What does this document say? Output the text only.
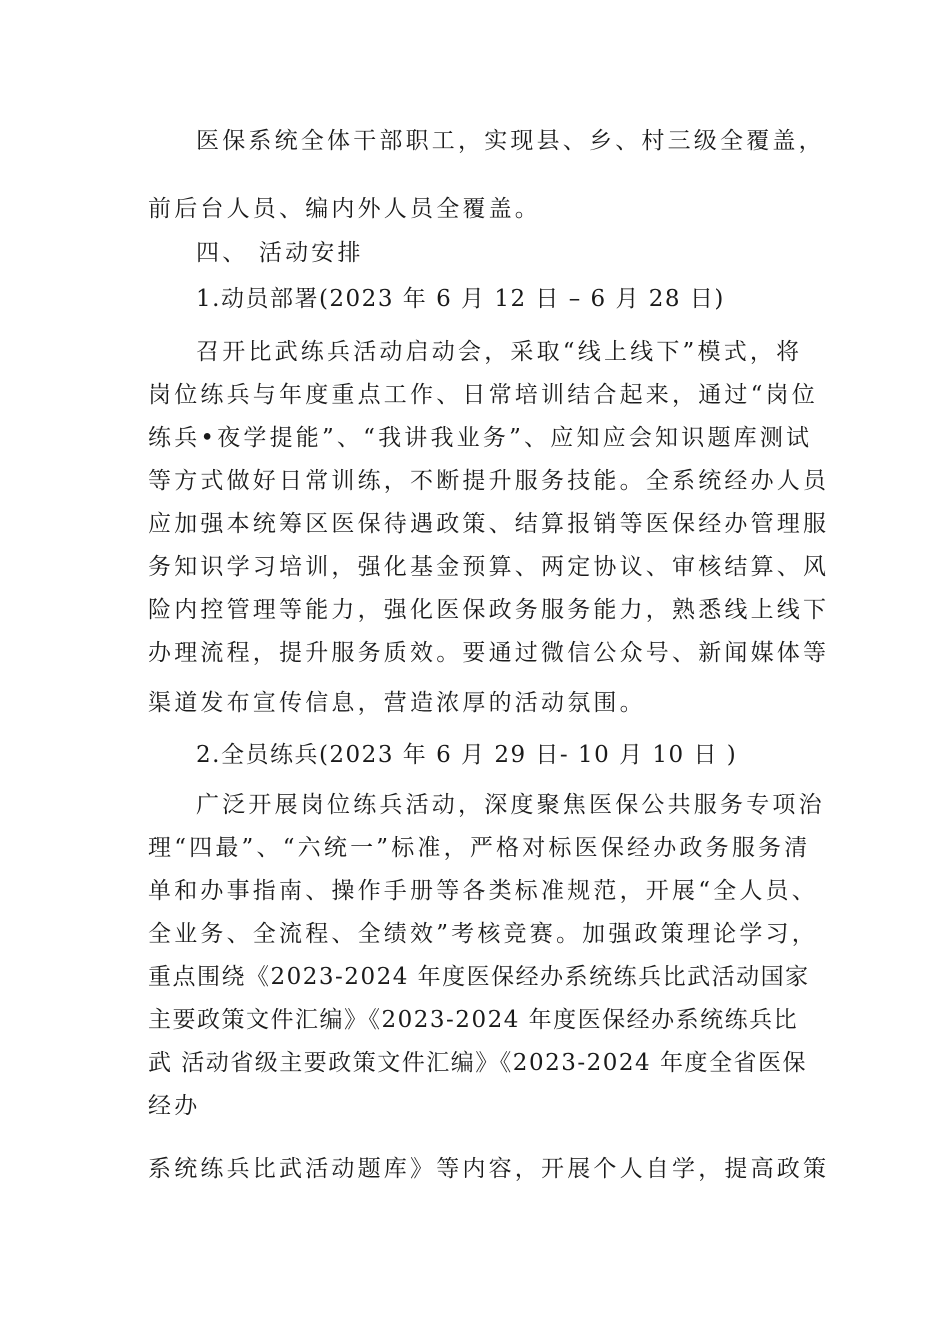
医保系统全体干部职工，实现县、乡、村三级全覆盖，
前后台人员、编内外人员全覆盖。
四、 活动安排
1.动员部署(2023 年 6 月 12 日 – 6 月 28 日)
召开比武练兵活动启动会，采取“线上线下”模式，将
岗位练兵与年度重点工作、日常培训结合起来，通过“岗位
练兵•夜学提能”、“我讲我业务”、应知应会知识题库测试
等方式做好日常训练，不断提升服务技能。全系统经办人员
应加强本统筹区医保待遇政策、结算报销等医保经办管理服
务知识学习培训，强化基金预算、两定协议、审核结算、风
险内控管理等能力，强化医保政务服务能力，熟悉线上线下
办理流程，提升服务质效。要通过微信公众号、新闻媒体等
渠道发布宣传信息，营造浓厚的活动氛围。
2.全员练兵(2023 年 6 月 29 日- 10 月 10 日 )
广泛开展岗位练兵活动，深度聚焦医保公共服务专项治
理“四最”、“六统一”标准，严格对标医保经办政务服务清
单和办事指南、操作手册等各类标准规范，开展“全人员、
全业务、全流程、全绩效”考核竞赛。加强政策理论学习，
重点围绕《2023-2024 年度医保经办系统练兵比武活动国家
主要政策文件汇编》《2023-2024 年度医保经办系统练兵比
武 活动省级主要政策文件汇编》《2023-2024 年度全省医保
经办
系统练兵比武活动题库》等内容，开展个人自学，提高政策
